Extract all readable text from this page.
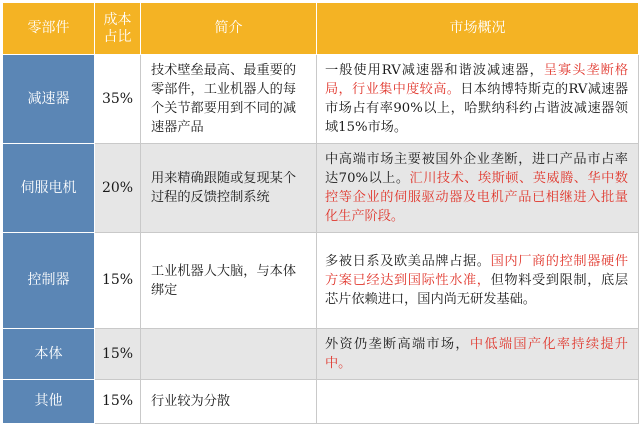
零部件	成本占比	简介	市场概况
减速器	35%	技术壁垒最高、最重要的零部件，工业机器人的每个关节都要用到不同的减速器产品	一般使用RV减速器和谐波减速器，呈寡头垄断格局，行业集中度较高。日本纳博特斯克的RV减速器市场占有率90%以上，哈默纳科约占谐波减速器领域15%市场。
伺服电机	20%	用来精确跟随或复现某个过程的反馈控制系统	中高端市场主要被国外企业垄断，进口产品市占率达70%以上。汇川技术、埃斯顿、英威腾、华中数控等企业的伺服驱动器及电机产品已相继进入批量化生产阶段。
控制器	15%	工业机器人大脑，与本体绑定	多被日系及欧美品牌占据。国内厂商的控制器硬件方案已经达到国际性水准，但物料受到限制，底层芯片依赖进口，国内尚无研发基础。
本体	15%		外资仍垄断高端市场，中低端国产化率持续提升中。
其他	15%	行业较为分散	
